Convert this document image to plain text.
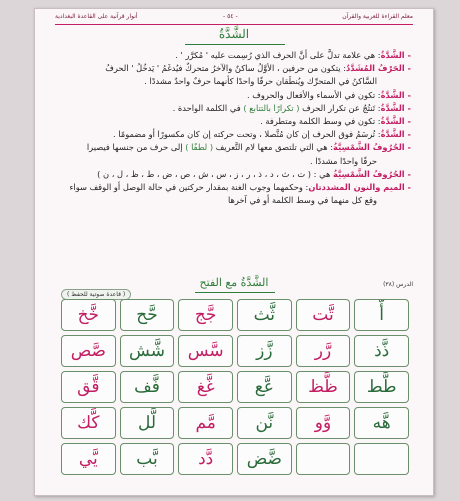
معلم القراءة للعربية والقرآن
- ٥٤ -
أنوار قرآنية على القاعدة البغدادية
الشَّدَّةُ
- الشَّدَّةُ: هي علامة تدلُّ على أنَّ الحرف الذي رُسِمت عليه ' مُكرَّر ' .
- الحَرْفُ المُشَدَّدُ: يتكون من حرفين ، الأوَّلُ ساكنٌ والآخرُ متحركٌ فيُدغَمُ ' يَدخُلُ ' الحرفُ
السَّاكنُ في المتحرِّك ويُنطَقان حرفًا واحدًا كأنهما حرفٌ واحدٌ مشددًا .
- الشَّدَّةُ: تكون في الأسماء والأفعال والحروف .
- الشَّدَّةُ: تَنتُجُ عن تكرار الحرف ( تكرارًا بالتتابع ) في الكلمة الواحدة .
- الشَّدَّةُ: تكون في وسط الكلمة ومتطرفة .
- الشَّدَّةُ: تُرسَمُ فوق الحرف إن كان مُتَّصلا ، وتحت حركته إن كان مكسورًا أو مضمومًا .
- الحُرُوفُ الشَّمْسِيَّةُ: هي التي تلتصق معها لام التَّعريف ( لطفًا ) إلى حرف من جنسها فيصيرا
حرفًا واحدًا مشددًا .
- الحُرُوفُ الشَّمْسِيَّةُ هي : ( ت ، ث ، د ، ذ ، ر ، ز ، س ، ش ، ص ، ض ، ط ، ظ ، ل ، ن )
- الميم والنون المشددتان: وحكمهما وجوب الغنة بمقدار حركتين في حالة الوصل أو الوقف سواء
وقع كل منهما في وسط الكلمة أو في آخرها
الدرس (٣٨)
الشَّدَّةُ مع الفتح
( قاعدة صوتية للحفظ )
خَّخ	حَّح	جَّج	ثَّث	تَّت	أَّ
صَّص	شَّش	سَّس	زَّز	رَّر	ذَّذ
قَّق	فَّف	غَّغ	عَّع	ظَّظ	طَّط
كَّك	لَّل	مَّم	نَّن	وَّو	هَّه
يَّي	بَّب	دَّد	ضَّض
